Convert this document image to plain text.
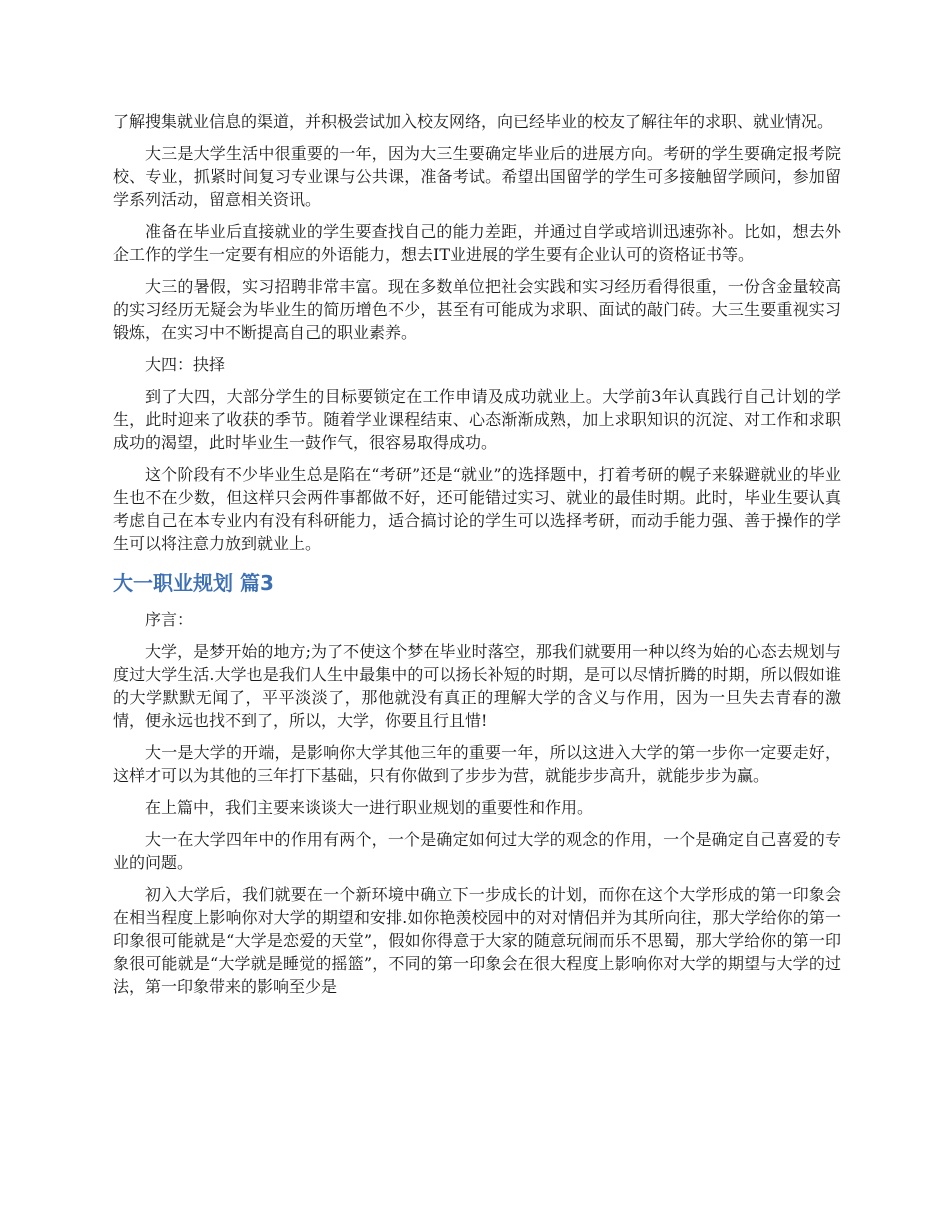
了解搜集就业信息的渠道，并积极尝试加入校友网络，向已经毕业的校友了解往年的求职、就业情况。

大三是大学生活中很重要的一年，因为大三生要确定毕业后的进展方向。考研的学生要确定报考院校、专业，抓紧时间复习专业课与公共课，准备考试。希望出国留学的学生可多接触留学顾问，参加留学系列活动，留意相关资讯。

准备在毕业后直接就业的学生要查找自己的能力差距，并通过自学或培训迅速弥补。比如，想去外企工作的学生一定要有相应的外语能力，想去IT业进展的学生要有企业认可的资格证书等。

大三的暑假，实习招聘非常丰富。现在多数单位把社会实践和实习经历看得很重，一份含金量较高的实习经历无疑会为毕业生的简历增色不少，甚至有可能成为求职、面试的敲门砖。大三生要重视实习锻炼，在实习中不断提高自己的职业素养。

大四：抉择

到了大四，大部分学生的目标要锁定在工作申请及成功就业上。大学前3年认真践行自己计划的学生，此时迎来了收获的季节。随着学业课程结束、心态渐渐成熟，加上求职知识的沉淀、对工作和求职成功的渴望，此时毕业生一鼓作气，很容易取得成功。

这个阶段有不少毕业生总是陷在“考研”还是“就业”的选择题中，打着考研的幌子来躲避就业的毕业生也不在少数，但这样只会两件事都做不好，还可能错过实习、就业的最佳时期。此时，毕业生要认真考虑自己在本专业内有没有科研能力，适合搞讨论的学生可以选择考研，而动手能力强、善于操作的学生可以将注意力放到就业上。

大一职业规划 篇3

序言：

大学，是梦开始的地方;为了不使这个梦在毕业时落空，那我们就要用一种以终为始的心态去规划与度过大学生活.大学也是我们人生中最集中的可以扬长补短的时期，是可以尽情折腾的时期，所以假如谁的大学默默无闻了，平平淡淡了，那他就没有真正的理解大学的含义与作用，因为一旦失去青春的激情，便永远也找不到了，所以，大学，你要且行且惜!

大一是大学的开端，是影响你大学其他三年的重要一年，所以这进入大学的第一步你一定要走好，这样才可以为其他的三年打下基础，只有你做到了步步为营，就能步步高升，就能步步为赢。

在上篇中，我们主要来谈谈大一进行职业规划的重要性和作用。

大一在大学四年中的作用有两个，一个是确定如何过大学的观念的作用，一个是确定自己喜爱的专业的问题。

初入大学后，我们就要在一个新环境中确立下一步成长的计划，而你在这个大学形成的第一印象会在相当程度上影响你对大学的期望和安排.如你艳羡校园中的对对情侣并为其所向往，那大学给你的第一印象很可能就是“大学是恋爱的天堂”，假如你得意于大家的随意玩闹而乐不思蜀，那大学给你的第一印象很可能就是“大学就是睡觉的摇篮”，不同的第一印象会在很大程度上影响你对大学的期望与大学的过法，第一印象带来的影响至少是
